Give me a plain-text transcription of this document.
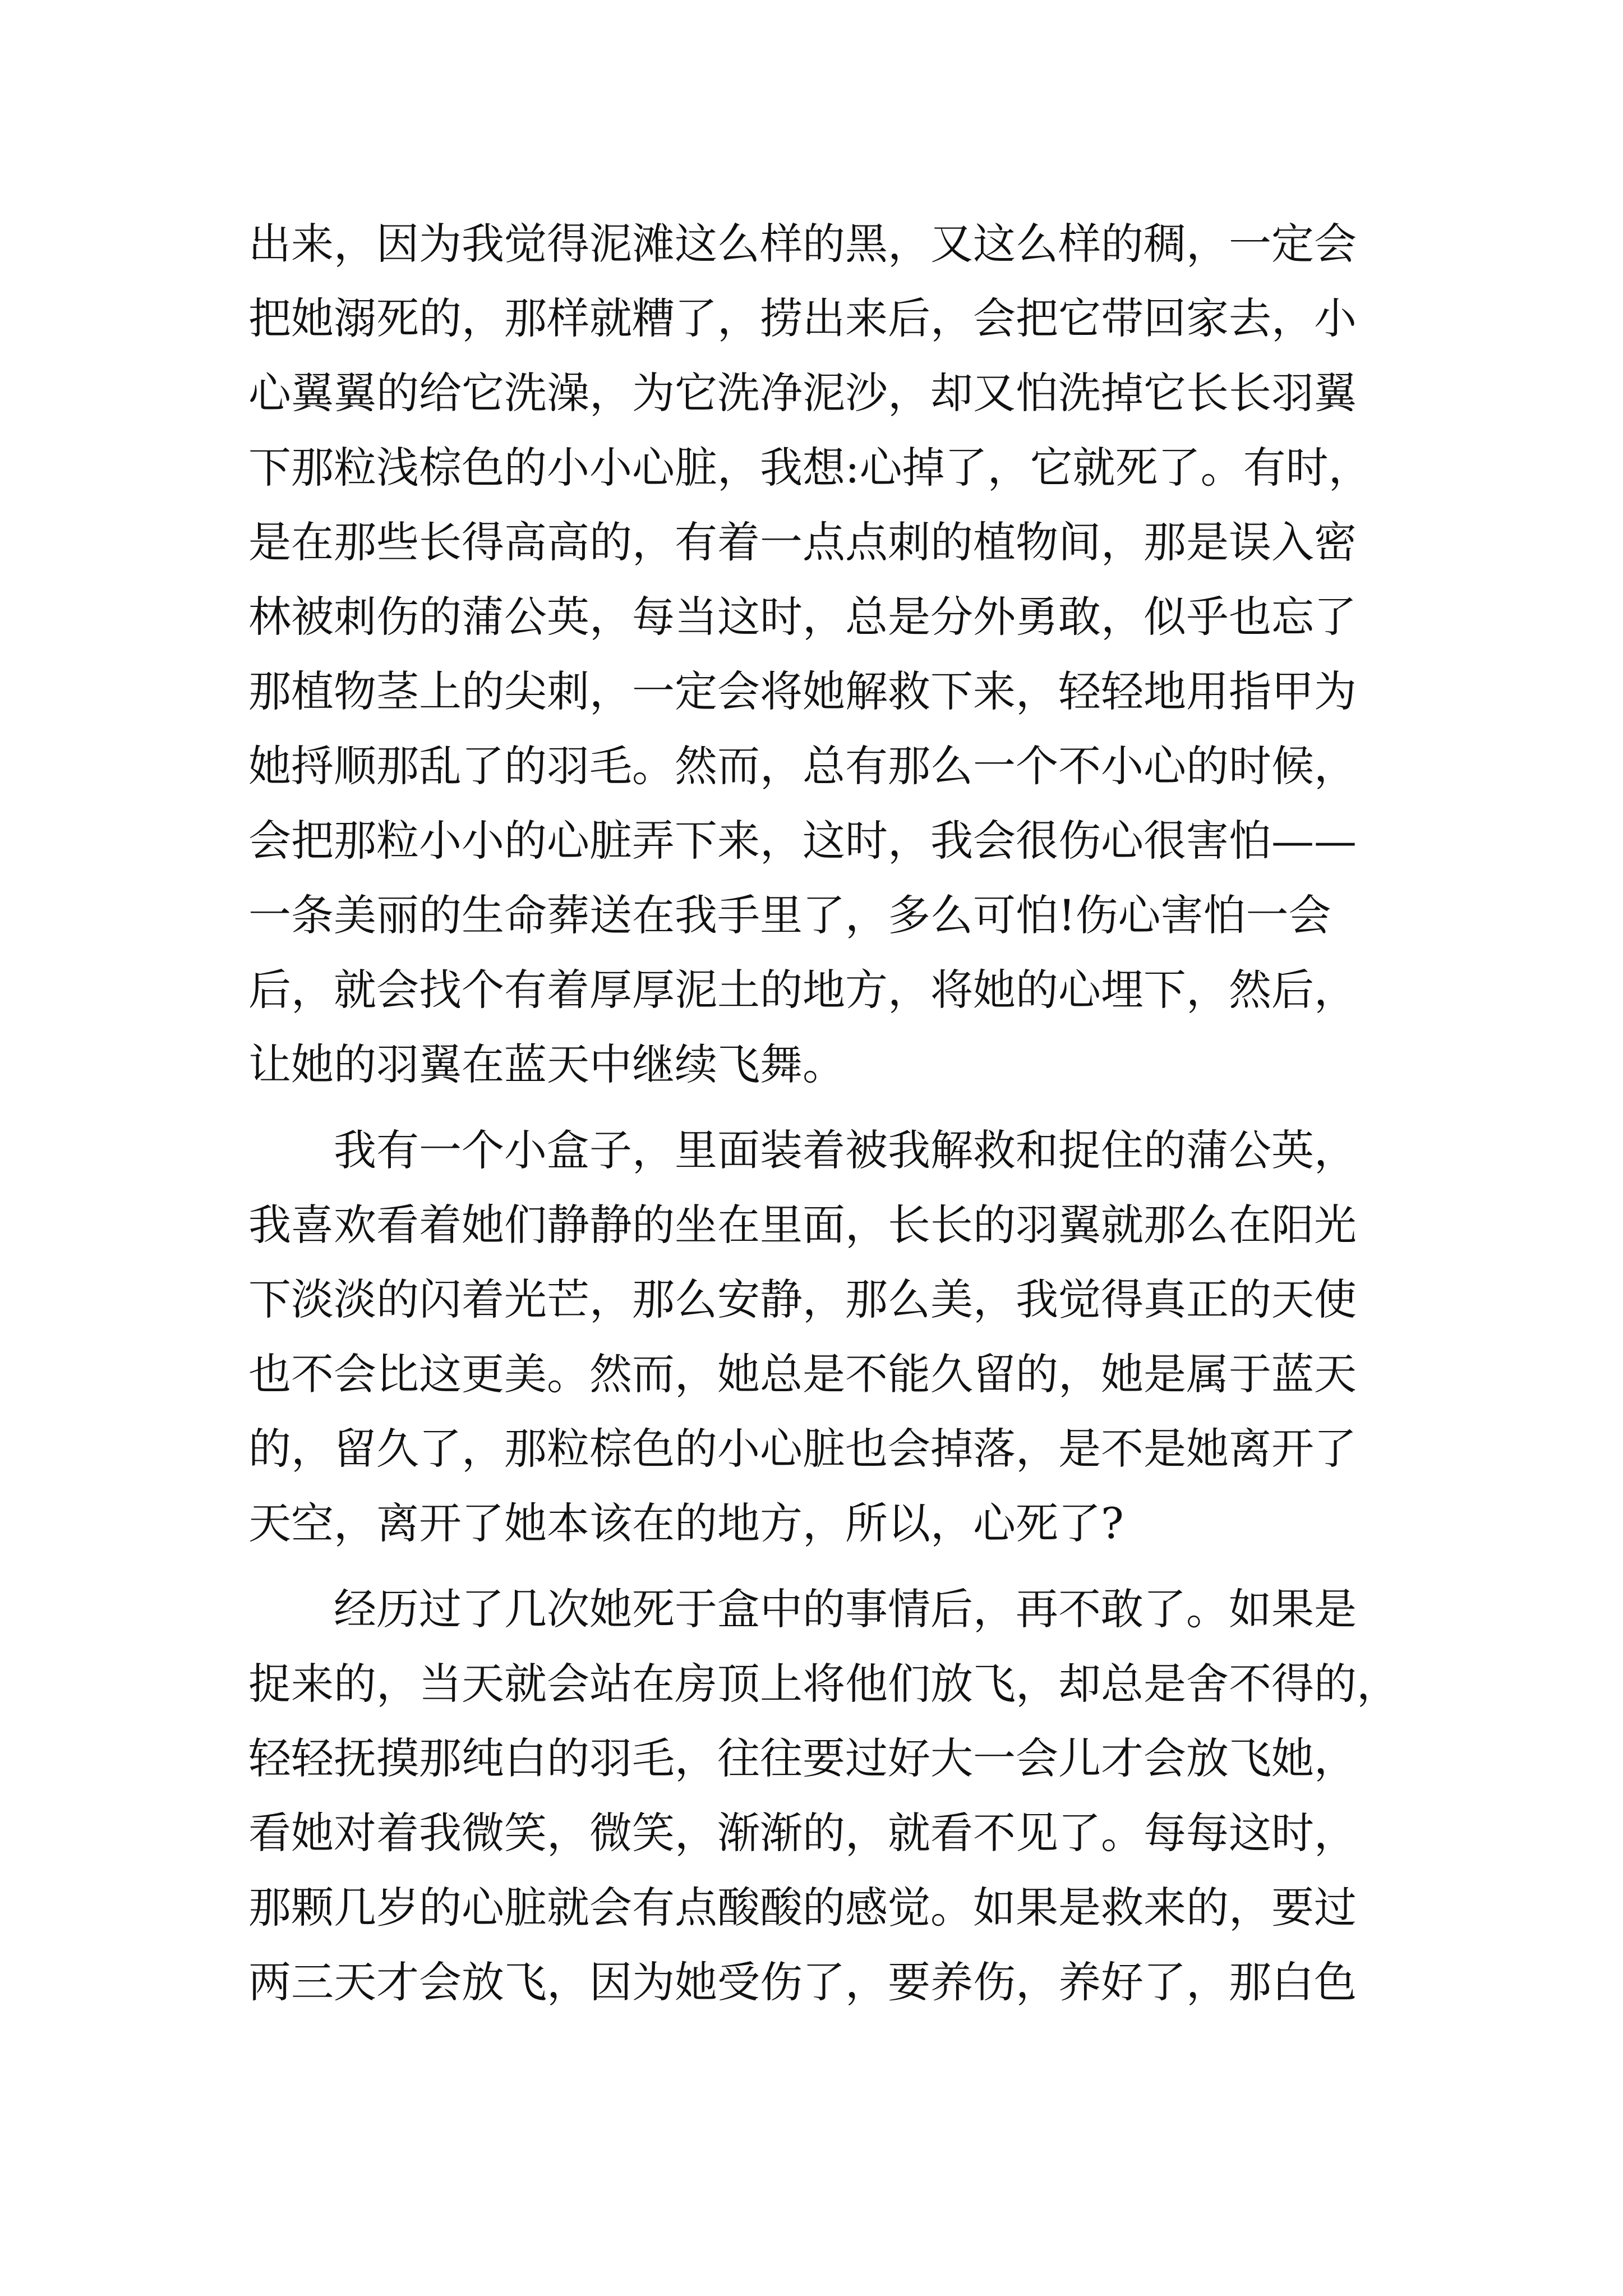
出来，因为我觉得泥滩这么样的黑，又这么样的稠，一定会
把她溺死的，那样就糟了，捞出来后，会把它带回家去，小
心翼翼的给它洗澡，为它洗净泥沙，却又怕洗掉它长长羽翼
下那粒浅棕色的小小心脏，我想:心掉了，它就死了。有时，
是在那些长得高高的，有着一点点刺的植物间，那是误入密
林被刺伤的蒲公英，每当这时，总是分外勇敢，似乎也忘了
那植物茎上的尖刺，一定会将她解救下来，轻轻地用指甲为
她捋顺那乱了的羽毛。然而，总有那么一个不小心的时候，
会把那粒小小的心脏弄下来，这时，我会很伤心很害怕——
一条美丽的生命葬送在我手里了，多么可怕!伤心害怕一会
后，就会找个有着厚厚泥土的地方，将她的心埋下，然后，
让她的羽翼在蓝天中继续飞舞。
　　我有一个小盒子，里面装着被我解救和捉住的蒲公英，
我喜欢看着她们静静的坐在里面，长长的羽翼就那么在阳光
下淡淡的闪着光芒，那么安静，那么美，我觉得真正的天使
也不会比这更美。然而，她总是不能久留的，她是属于蓝天
的，留久了，那粒棕色的小心脏也会掉落，是不是她离开了
天空，离开了她本该在的地方，所以，心死了?
　　经历过了几次她死于盒中的事情后，再不敢了。如果是
捉来的，当天就会站在房顶上将他们放飞，却总是舍不得的，
轻轻抚摸那纯白的羽毛，往往要过好大一会儿才会放飞她，
看她对着我微笑，微笑，渐渐的，就看不见了。每每这时，
那颗几岁的心脏就会有点酸酸的感觉。如果是救来的，要过
两三天才会放飞，因为她受伤了，要养伤，养好了，那白色
